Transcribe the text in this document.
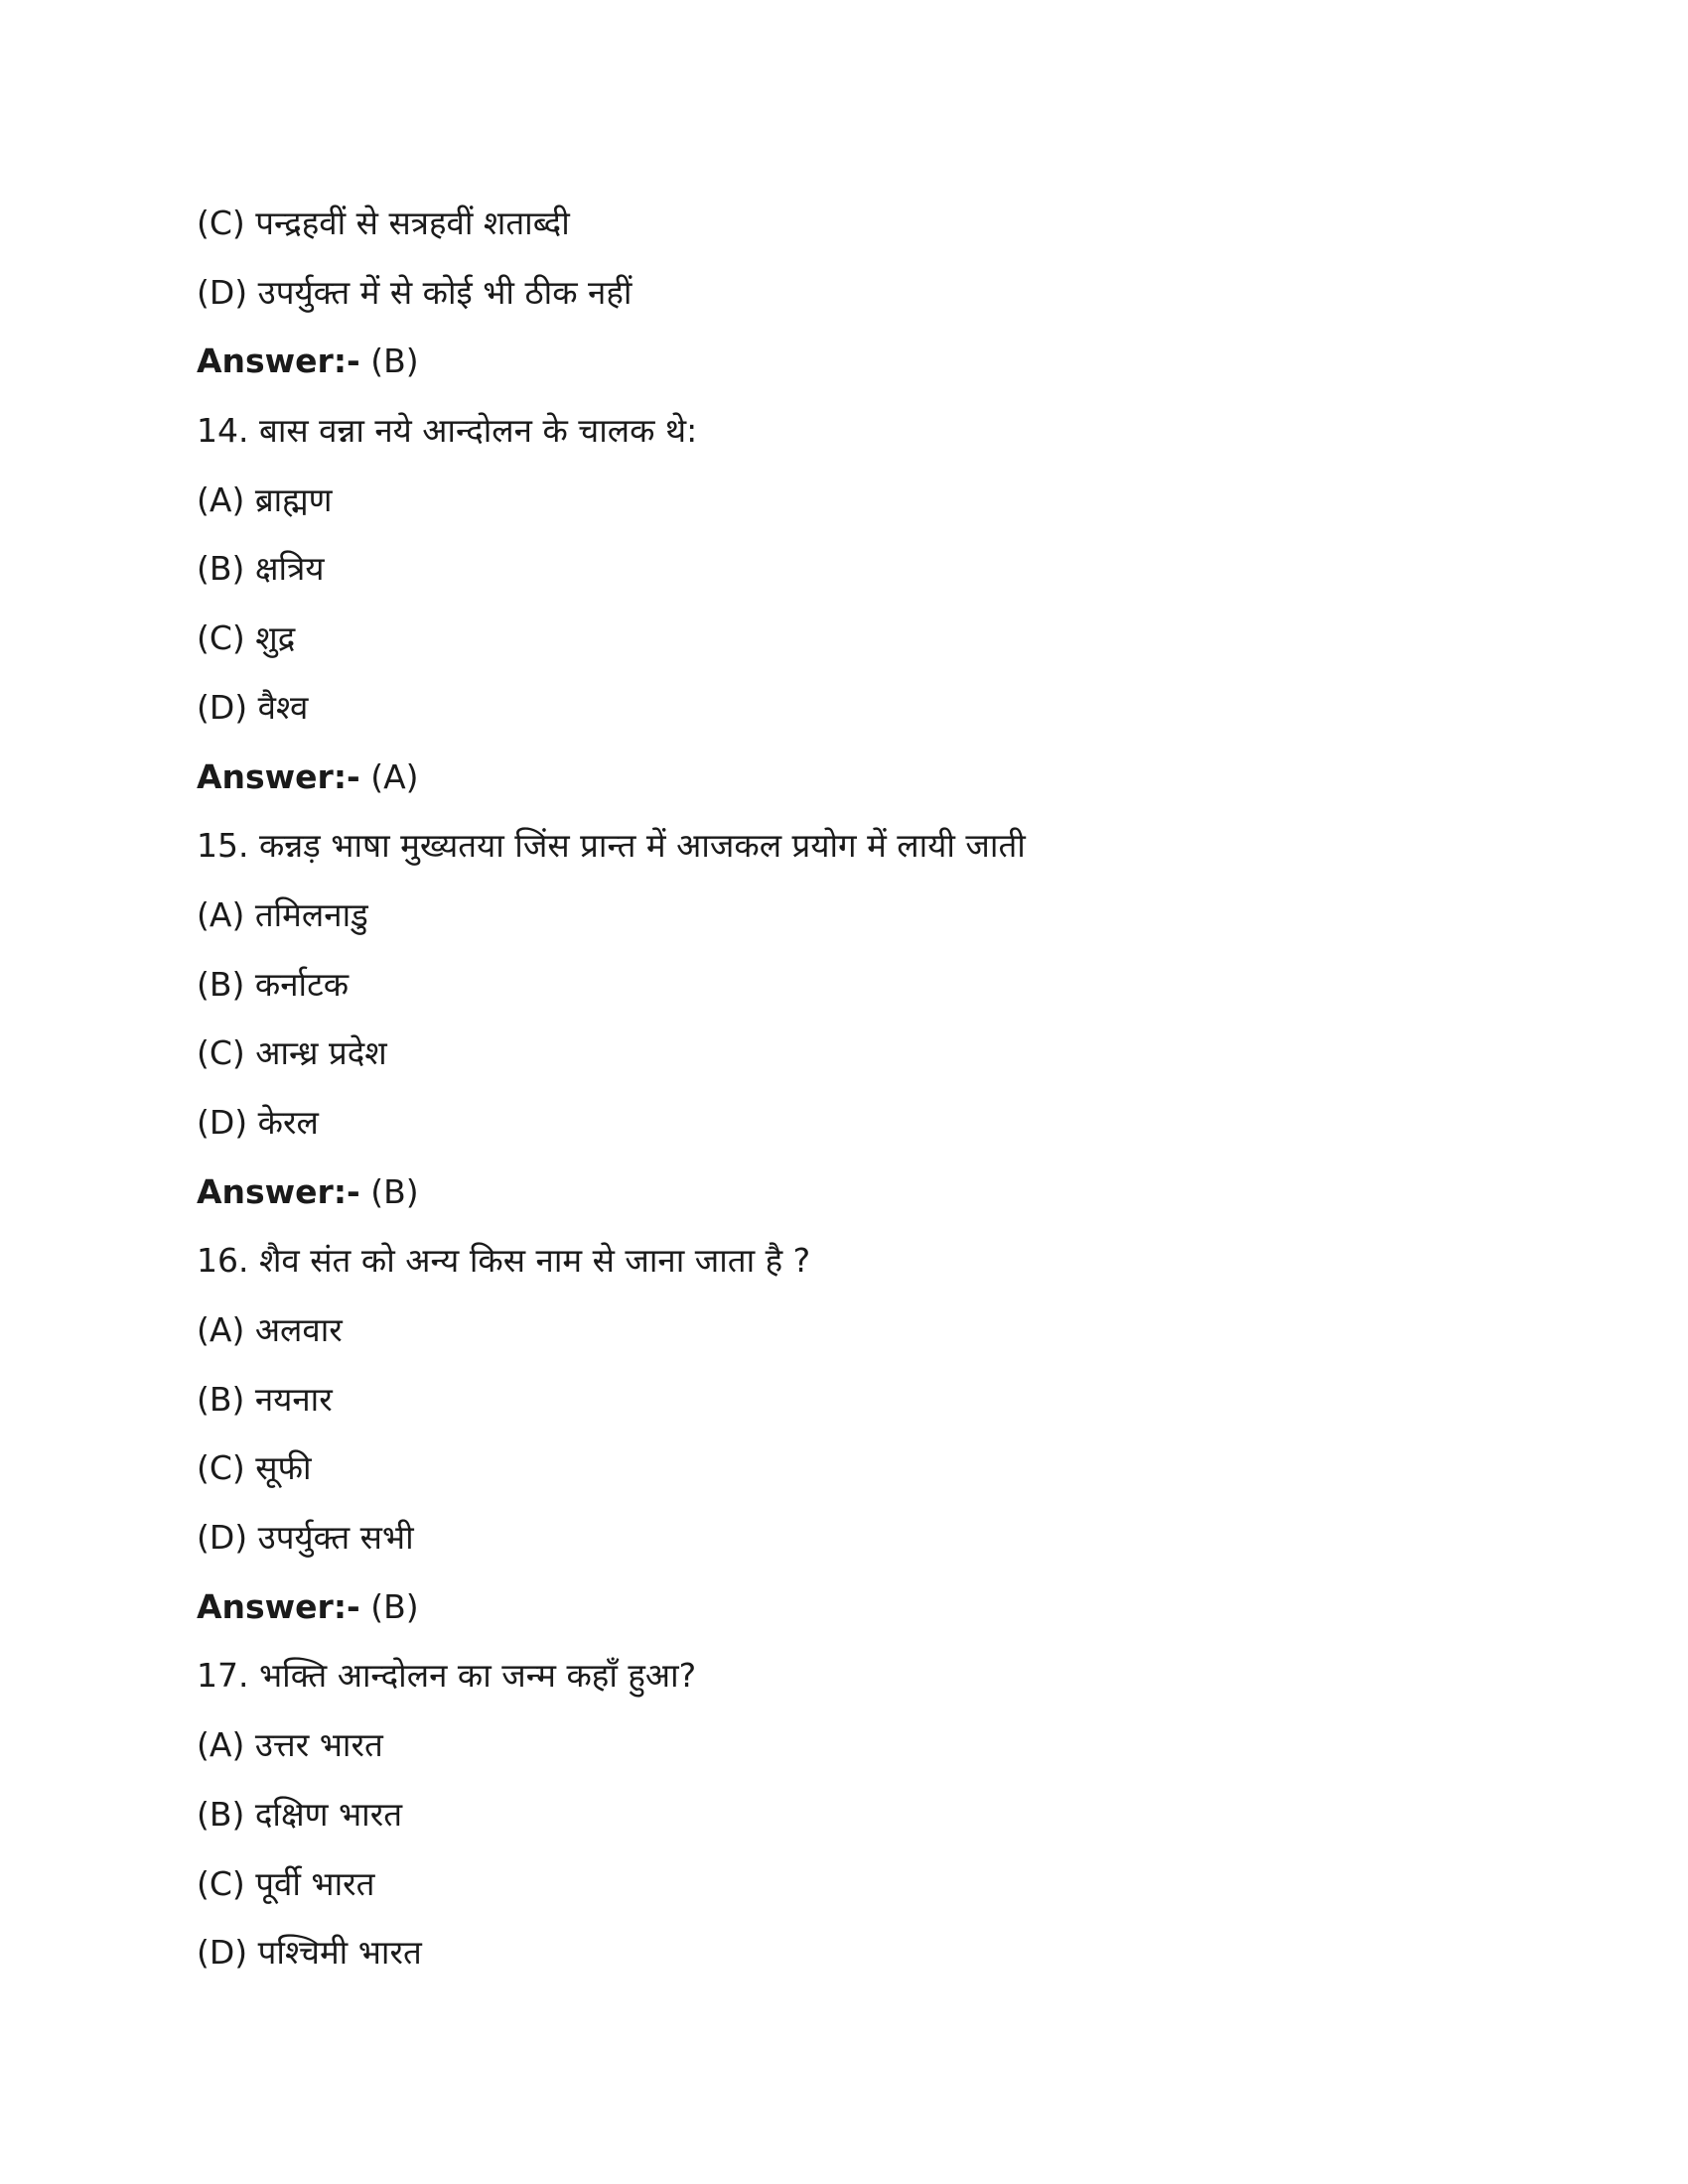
(C) पन्द्रहवीं से सत्रहवीं शताब्दी
(D) उपर्युक्त में से कोई भी ठीक नहीं
Answer:- (B)
14. बास वन्ना नये आन्दोलन के चालक थे:
(A) ब्राह्मण
(B) क्षत्रिय
(C) शुद्र
(D) वैश्व
Answer:- (A)
15. कन्नड़ भाषा मुख्यतया जिंस प्रान्त में आजकल प्रयोग में लायी जाती
(A) तमिलनाडु
(B) कर्नाटक
(C) आन्ध्र प्रदेश
(D) केरल
Answer:- (B)
16. शैव संत को अन्य किस नाम से जाना जाता है ?
(A) अलवार
(B) नयनार
(C) सूफी
(D) उपर्युक्त सभी
Answer:- (B)
17. भक्ति आन्दोलन का जन्म कहाँ हुआ?
(A) उत्तर भारत
(B) दक्षिण भारत
(C) पूर्वी भारत
(D) पश्चिमी भारत
